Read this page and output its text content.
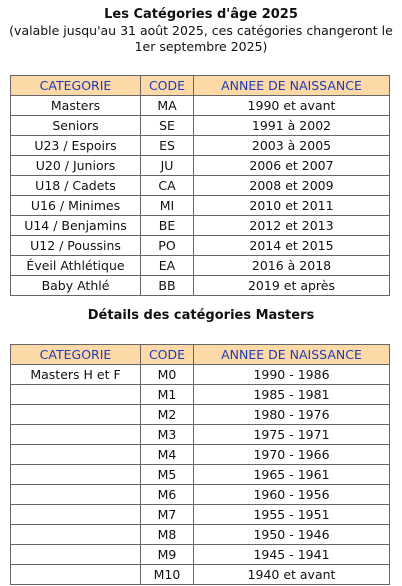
Les Catégories d'âge 2025
(valable jusqu'au 31 août 2025, ces catégories changeront le 1er septembre 2025)
CATEGORIE	CODE	ANNEE DE NAISSANCE
Masters	MA	1990 et avant
Seniors	SE	1991 à 2002
U23 / Espoirs	ES	2003 à 2005
U20 / Juniors	JU	2006 et 2007
U18 / Cadets	CA	2008 et 2009
U16 / Minimes	MI	2010 et 2011
U14 / Benjamins	BE	2012 et 2013
U12 / Poussins	PO	2014 et 2015
Éveil Athlétique	EA	2016 à 2018
Baby Athlé	BB	2019 et après
Détails des catégories Masters
CATEGORIE	CODE	ANNEE DE NAISSANCE
Masters H et F	M0	1990 - 1986
	M1	1985 - 1981
	M2	1980 - 1976
	M3	1975 - 1971
	M4	1970 - 1966
	M5	1965 - 1961
	M6	1960 - 1956
	M7	1955 - 1951
	M8	1950 - 1946
	M9	1945 - 1941
	M10	1940 et avant
